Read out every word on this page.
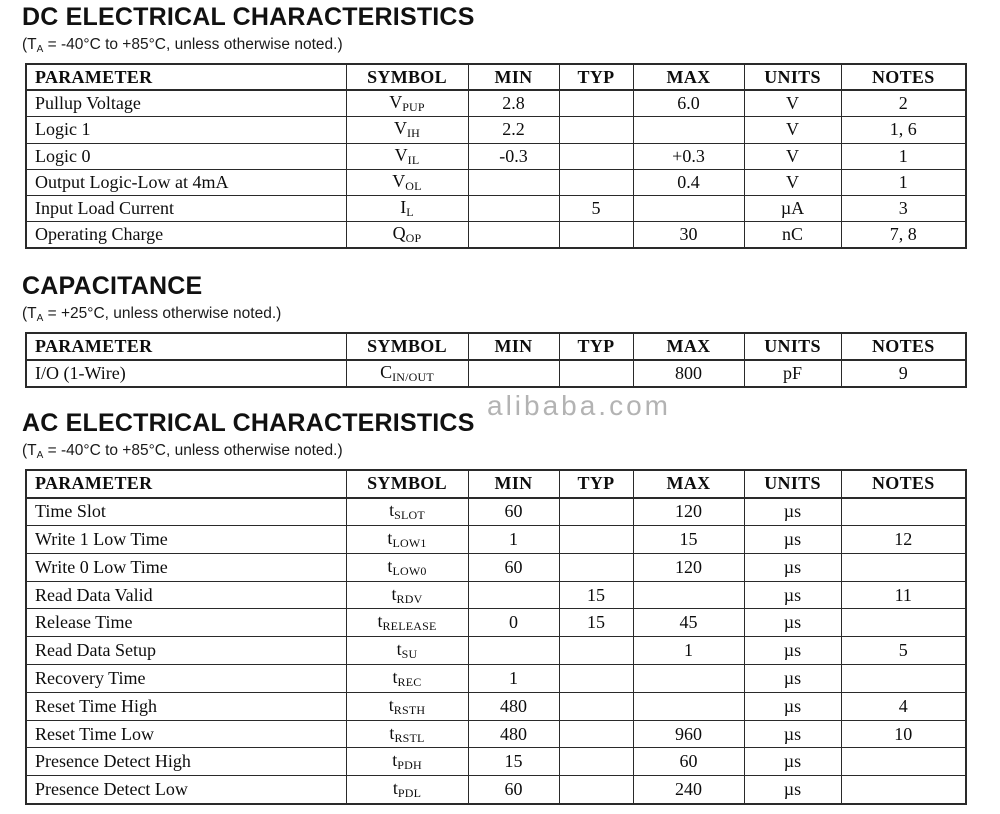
alibaba.com
DC ELECTRICAL CHARACTERISTICS

($T_A = -40^\circ C$ to +85°C, unless otherwise noted.)

PARAMETER	SYMBOL	MIN	TYP	MAX	UNITS	NOTES
Pullup Voltage	VPUP	2.8		6.0	V	2
Logic 1	VIH	2.2			V	1, 6
Logic 0	VIL	-0.3		+0.3	V	1
Output Logic-Low at 4mA	VOL			0.4	V	1
Input Load Current	IL		5		µA	3
Operating Charge	QOP			30	nC	7, 8
CAPACITANCE

($T_A = +25^\circ C$, unless otherwise noted.)

PARAMETER	SYMBOL	MIN	TYP	MAX	UNITS	NOTES
I/O (1-Wire)	CIN/OUT			800	pF	9
AC ELECTRICAL CHARACTERISTICS

($T_A = -40^\circ C$ to +85°C, unless otherwise noted.)

PARAMETER	SYMBOL	MIN	TYP	MAX	UNITS	NOTES
Time Slot	tSLOT	60		120	µs	
Write 1 Low Time	tLOW1	1		15	µs	12
Write 0 Low Time	tLOW0	60		120	µs	
Read Data Valid	tRDV		15		µs	11
Release Time	tRELEASE	0	15	45	µs	
Read Data Setup	tSU			1	µs	5
Recovery Time	tREC	1			µs	
Reset Time High	tRSTH	480			µs	4
Reset Time Low	tRSTL	480		960	µs	10
Presence Detect High	tPDH	15		60	µs	
Presence Detect Low	tPDL	60		240	µs	
